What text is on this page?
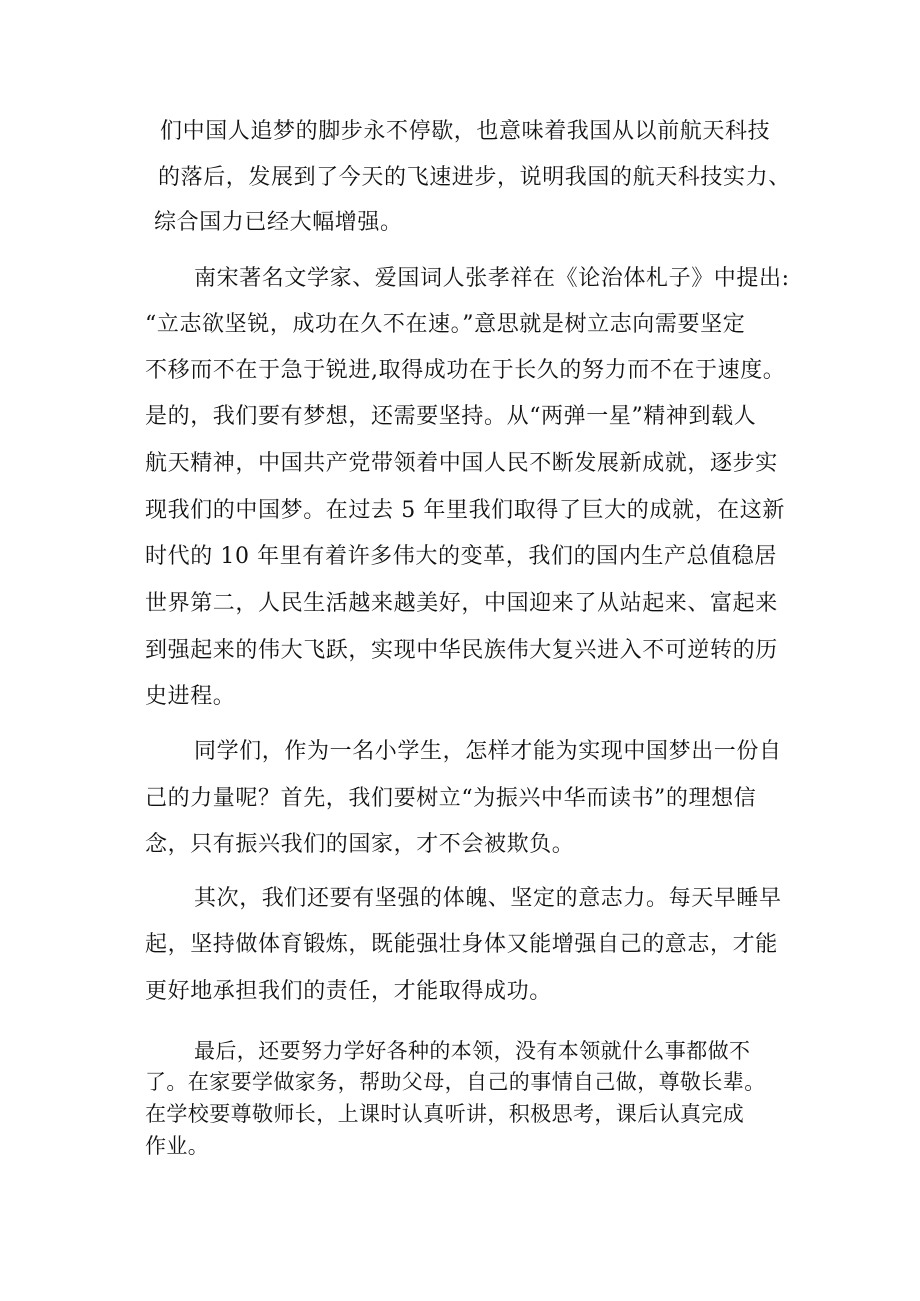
们中国人追梦的脚步永不停歇，也意味着我国从以前航天科技
的落后，发展到了今天的飞速进步，说明我国的航天科技实力、
综合国力已经大幅增强。
南宋著名文学家、爱国词人张孝祥在《论治体札子》中提出:
“立志欲坚锐，成功在久不在速。”意思就是树立志向需要坚定
不移而不在于急于锐进,取得成功在于长久的努力而不在于速度。
是的，我们要有梦想，还需要坚持。从“两弹一星”精神到载人
航天精神，中国共产党带领着中国人民不断发展新成就，逐步实
现我们的中国梦。在过去 5 年里我们取得了巨大的成就，在这新
时代的 10 年里有着许多伟大的变革，我们的国内生产总值稳居
世界第二，人民生活越来越美好，中国迎来了从站起来、富起来
到强起来的伟大飞跃，实现中华民族伟大复兴进入不可逆转的历
史进程。
同学们，作为一名小学生，怎样才能为实现中国梦出一份自
己的力量呢？首先，我们要树立“为振兴中华而读书”的理想信
念，只有振兴我们的国家，才不会被欺负。
其次，我们还要有坚强的体魄、坚定的意志力。每天早睡早
起，坚持做体育锻炼，既能强壮身体又能增强自己的意志，才能
更好地承担我们的责任，才能取得成功。
最后，还要努力学好各种的本领，没有本领就什么事都做不
了。在家要学做家务，帮助父母，自己的事情自己做，尊敬长辈。
在学校要尊敬师长，上课时认真听讲，积极思考，课后认真完成
作业。
